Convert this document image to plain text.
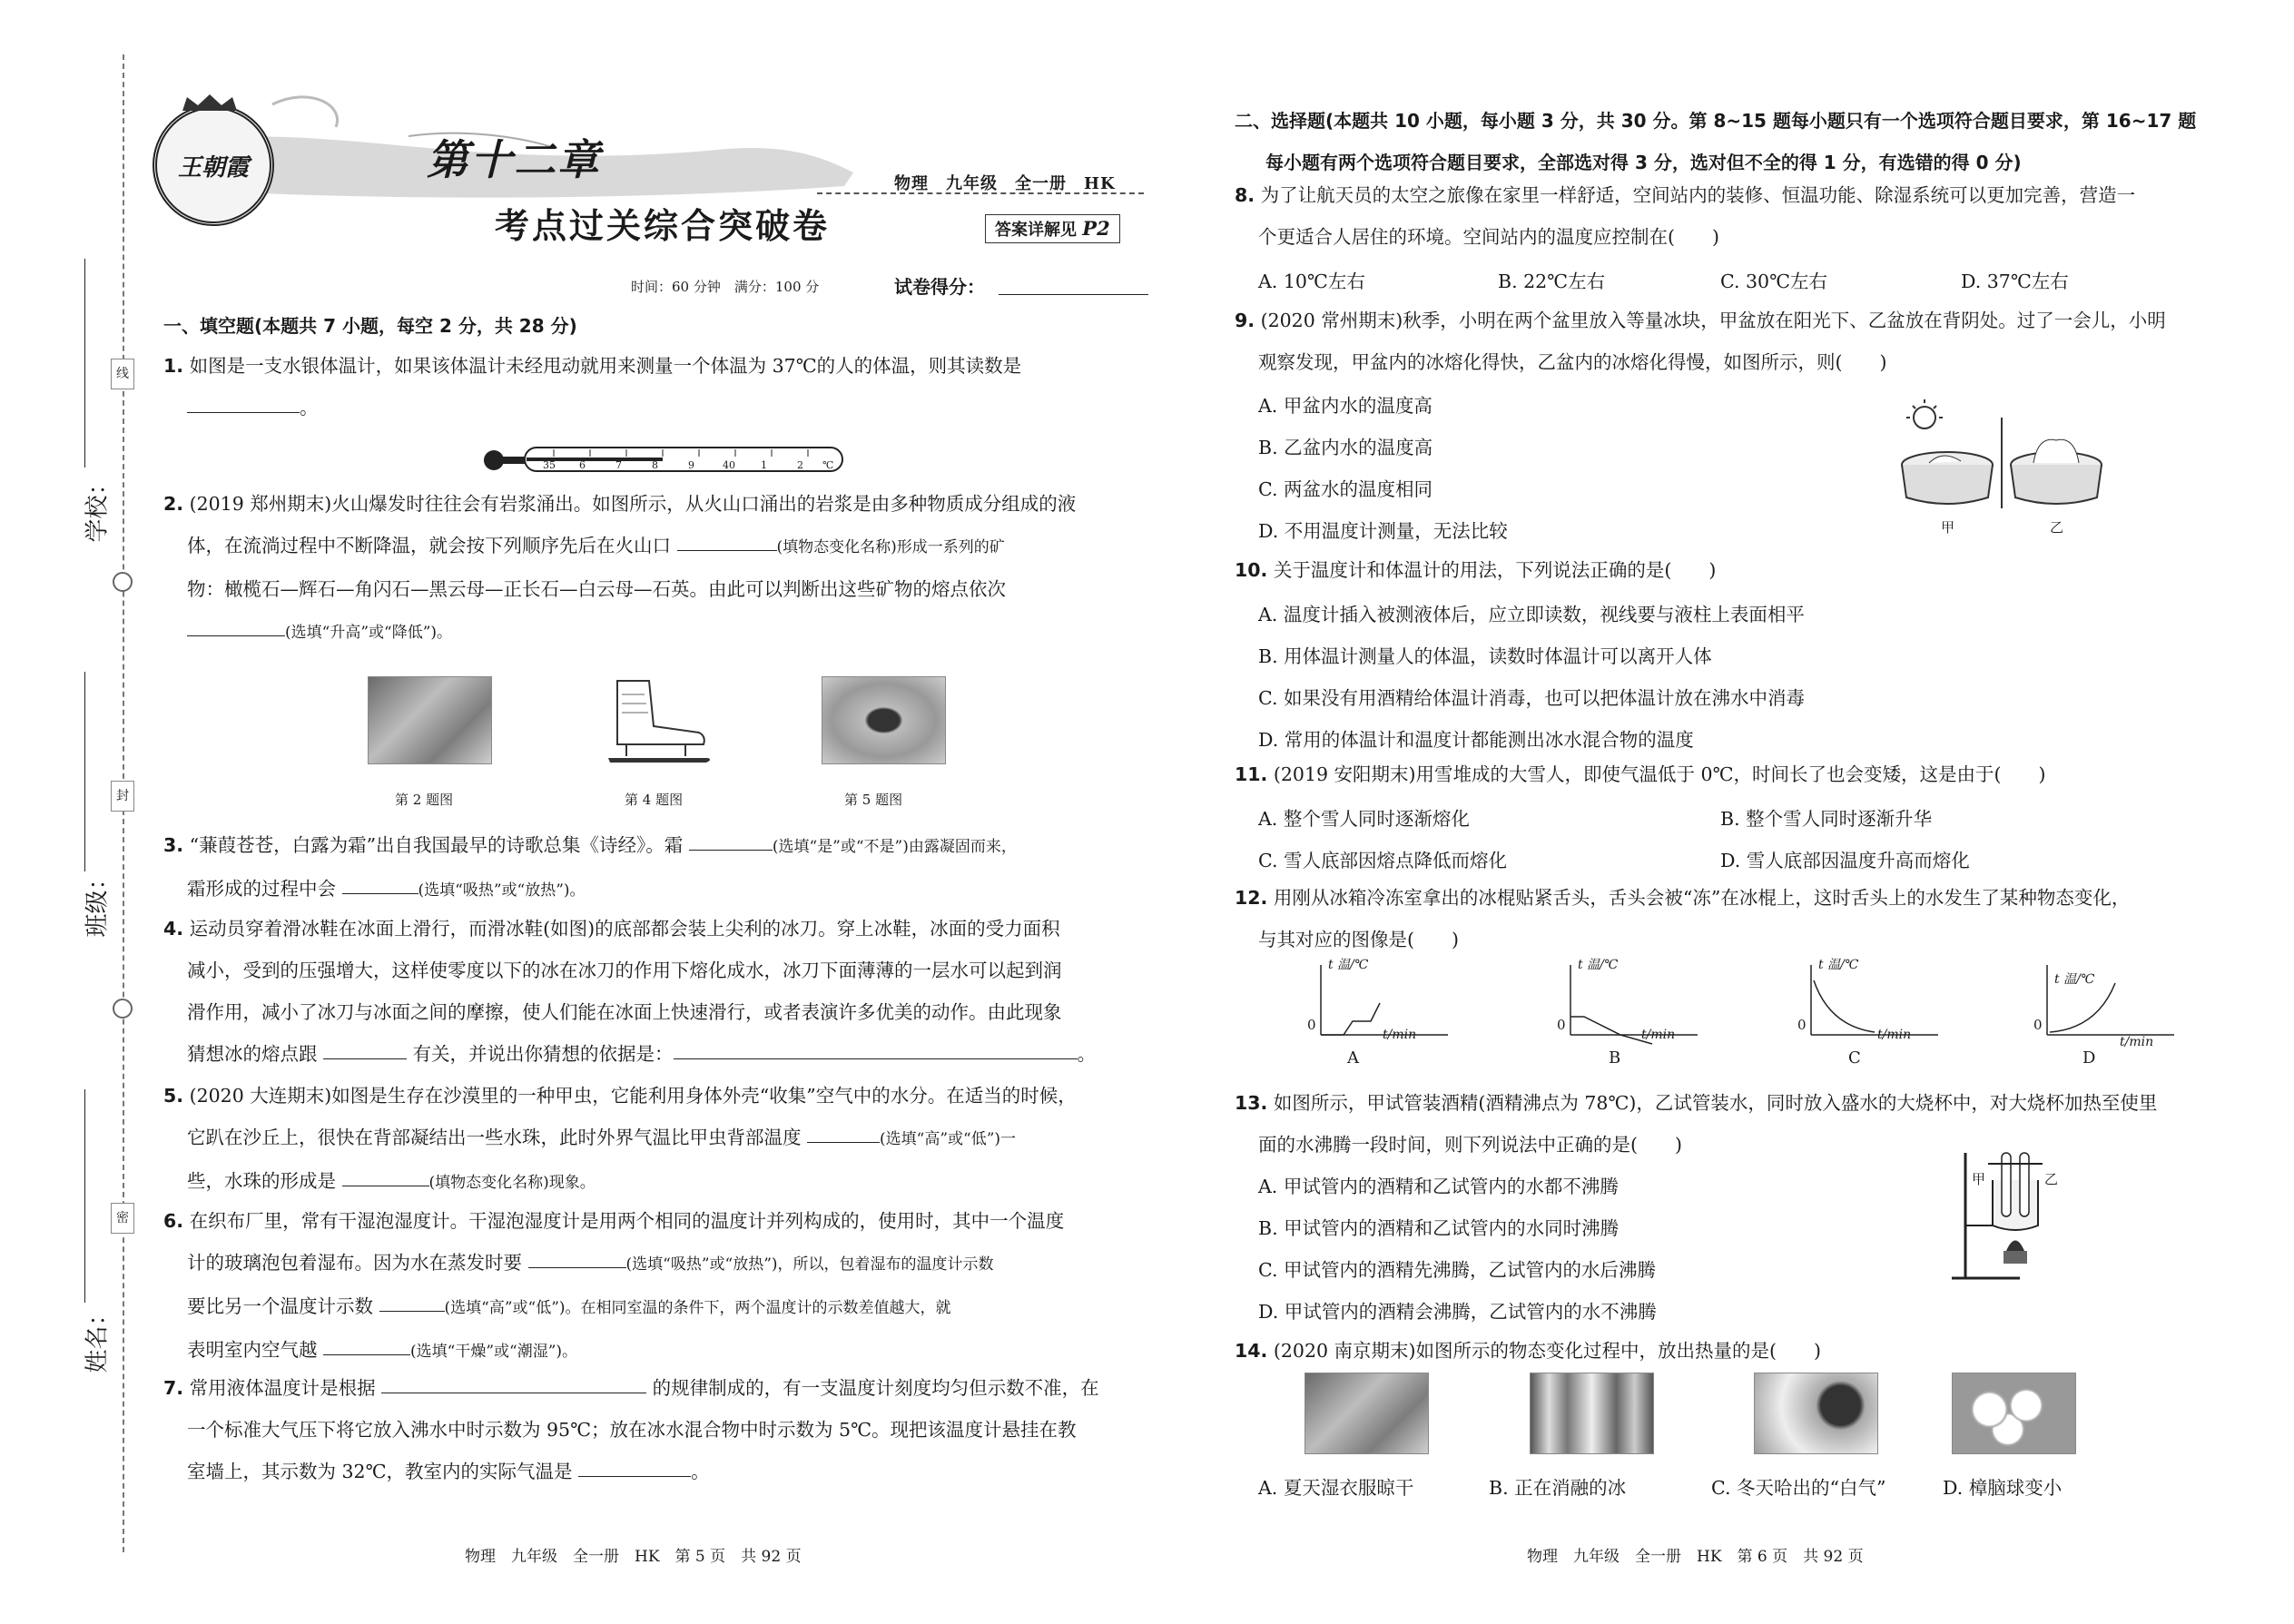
学校：
班级：
姓名：
线
封
密
王朝霞	第十二章
考点过关综合突破卷
物理　九年级　全一册　HK
答案详解见 P2
时间：60 分钟　满分：100 分	试卷得分：
一、填空题(本题共 7 小题，每空 2 分，共 28 分)
1. 如图是一支水银体温计，如果该体温计未经甩动就用来测量一个体温为 37℃的人的体温，则其读数是
。
35 6	7	8	9	40	1	2 ℃
2. (2019 郑州期末)火山爆发时往往会有岩浆涌出。如图所示，从火山口涌出的岩浆是由多种物质成分组成的液
体，在流淌过程中不断降温，就会按下列顺序先后在火山口	(填物态变化名称)形成一系列的矿
物：橄榄石—辉石—角闪石—黑云母—正长石—白云母—石英。由此可以判断出这些矿物的熔点依次
(选填“升高”或“降低”)。
第 2 题图	第 4 题图	第 5 题图
3. “蒹葭苍苍，白露为霜”出自我国最早的诗歌总集《诗经》。霜	(选填“是”或“不是”)由露凝固而来，
霜形成的过程中会	(选填“吸热”或“放热”)。
4. 运动员穿着滑冰鞋在冰面上滑行，而滑冰鞋(如图)的底部都会装上尖利的冰刀。穿上冰鞋，冰面的受力面积
减小，受到的压强增大，这样使零度以下的冰在冰刀的作用下熔化成水，冰刀下面薄薄的一层水可以起到润
滑作用，减小了冰刀与冰面之间的摩擦，使人们能在冰面上快速滑行，或者表演许多优美的动作。由此现象
猜想冰的熔点跟	有关，并说出你猜想的依据是：	。
5. (2020 大连期末)如图是生存在沙漠里的一种甲虫，它能利用身体外壳“收集”空气中的水分。在适当的时候，
它趴在沙丘上，很快在背部凝结出一些水珠，此时外界气温比甲虫背部温度	(选填“高”或“低”)一
些，水珠的形成是	(填物态变化名称)现象。
6. 在织布厂里，常有干湿泡湿度计。干湿泡湿度计是用两个相同的温度计并列构成的，使用时，其中一个温度
计的玻璃泡包着湿布。因为水在蒸发时要	(选填“吸热”或“放热”)，所以，包着湿布的温度计示数
要比另一个温度计示数	(选填“高”或“低”)。在相同室温的条件下，两个温度计的示数差值越大，就
表明室内空气越	(选填“干燥”或“潮湿”)。
7. 常用液体温度计是根据	的规律制成的，有一支温度计刻度均匀但示数不准，在
一个标准大气压下将它放入沸水中时示数为 95℃；放在冰水混合物中时示数为 5℃。现把该温度计悬挂在教
室墙上，其示数为 32℃，教室内的实际气温是	。
物理　九年级　全一册　HK　第 5 页　共 92 页
二、选择题(本题共 10 小题，每小题 3 分，共 30 分。第 8~15 题每小题只有一个选项符合题目要求，第 16~17 题
每小题有两个选项符合题目要求，全部选对得 3 分，选对但不全的得 1 分，有选错的得 0 分)
8. 为了让航天员的太空之旅像在家里一样舒适，空间站内的装修、恒温功能、除湿系统可以更加完善，营造一
个更适合人居住的环境。空间站内的温度应控制在(　　)
A. 10℃左右	B. 22℃左右	C. 30℃左右	D. 37℃左右
9. (2020 常州期末)秋季，小明在两个盆里放入等量冰块，甲盆放在阳光下、乙盆放在背阴处。过了一会儿，小明
观察发现，甲盆内的冰熔化得快，乙盆内的冰熔化得慢，如图所示，则(　　)
A. 甲盆内水的温度高
B. 乙盆内水的温度高
C. 两盆水的温度相同
D. 不用温度计测量，无法比较	甲	乙
10. 关于温度计和体温计的用法，下列说法正确的是(　　)
A. 温度计插入被测液体后，应立即读数，视线要与液柱上表面相平
B. 用体温计测量人的体温，读数时体温计可以离开人体
C. 如果没有用酒精给体温计消毒，也可以把体温计放在沸水中消毒
D. 常用的体温计和温度计都能测出冰水混合物的温度
11. (2019 安阳期末)用雪堆成的大雪人，即使气温低于 0℃，时间长了也会变矮，这是由于(　　)
A. 整个雪人同时逐渐熔化	B. 整个雪人同时逐渐升华
C. 雪人底部因熔点降低而熔化	D. 雪人底部因温度升高而熔化
12. 用刚从冰箱冷冻室拿出的冰棍贴紧舌头，舌头会被“冻”在冰棍上，这时舌头上的水发生了某种物态变化，
与其对应的图像是(　　)
t 温/℃	t 温/℃	t 温/℃
t 温/℃
0	0	0	0
t/min	t/min	t/min	t/min
A	B	C	D
13. 如图所示，甲试管装酒精(酒精沸点为 78℃)，乙试管装水，同时放入盛水的大烧杯中，对大烧杯加热至使里
面的水沸腾一段时间，则下列说法中正确的是(　　)
A. 甲试管内的酒精和乙试管内的水都不沸腾
B. 甲试管内的酒精和乙试管内的水同时沸腾
C. 甲试管内的酒精先沸腾，乙试管内的水后沸腾
D. 甲试管内的酒精会沸腾，乙试管内的水不沸腾
甲	乙
14. (2020 南京期末)如图所示的物态变化过程中，放出热量的是(　　)
A. 夏天湿衣服晾干	B. 正在消融的冰	C. 冬天哈出的“白气”	D. 樟脑球变小
物理　九年级　全一册　HK　第 6 页　共 92 页
